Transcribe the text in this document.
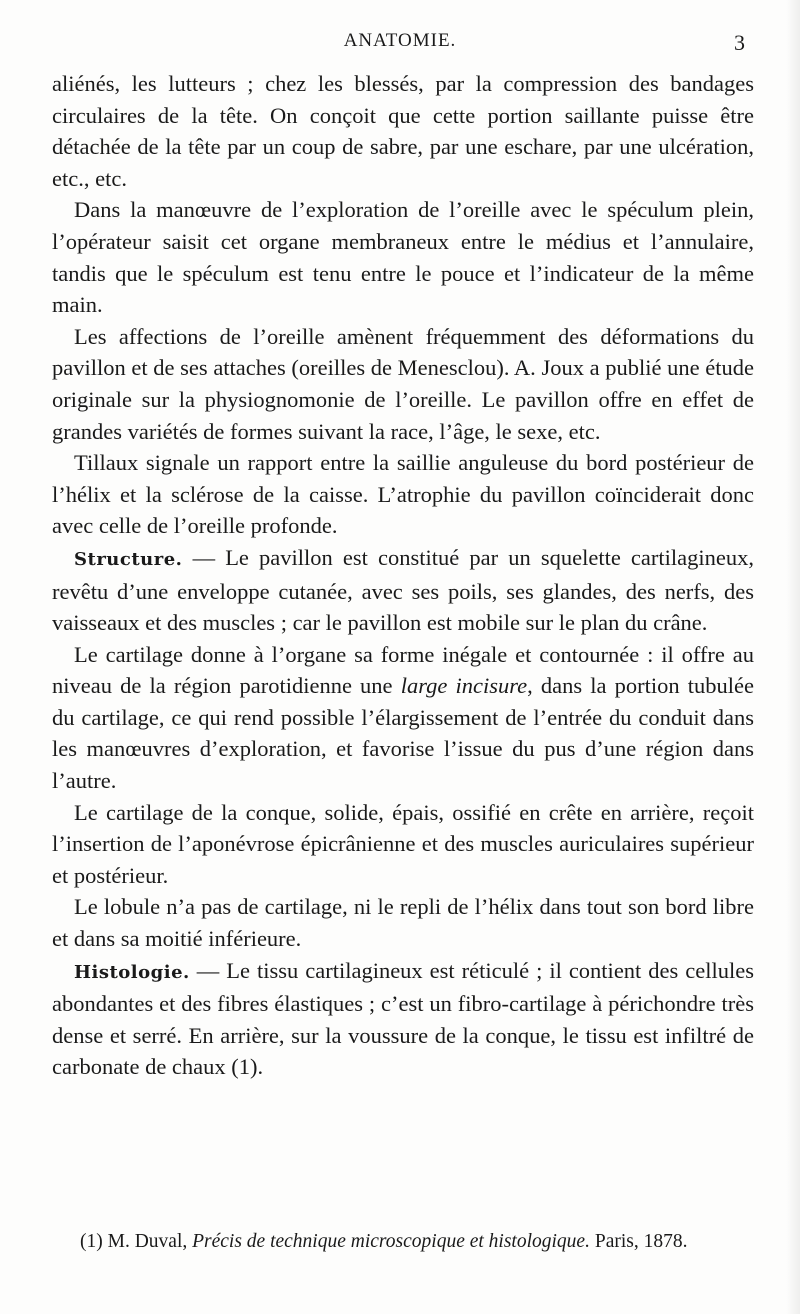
ANATOMIE.	3

aliénés, les lutteurs ; chez les blessés, par la compression des bandages circulaires de la tête. On conçoit que cette portion saillante puisse être détachée de la tête par un coup de sabre, par une eschare, par une ulcération, etc., etc.

Dans la manœuvre de l’exploration de l’oreille avec le spéculum plein, l’opérateur saisit cet organe membraneux entre le médius et l’annulaire, tandis que le spéculum est tenu entre le pouce et l’indicateur de la même main.

Les affections de l’oreille amènent fréquemment des déformations du pavillon et de ses attaches (oreilles de Menesclou). A. Joux a publié une étude originale sur la physiognomonie de l’oreille. Le pavillon offre en effet de grandes variétés de formes suivant la race, l’âge, le sexe, etc.

Tillaux signale un rapport entre la saillie anguleuse du bord postérieur de l’hélix et la sclérose de la caisse. L’atrophie du pavillon coïnciderait donc avec celle de l’oreille profonde.

Structure. — Le pavillon est constitué par un squelette cartilagineux, revêtu d’une enveloppe cutanée, avec ses poils, ses glandes, des nerfs, des vaisseaux et des muscles ; car le pavillon est mobile sur le plan du crâne.

Le cartilage donne à l’organe sa forme inégale et contournée : il offre au niveau de la région parotidienne une large incisure, dans la portion tubulée du cartilage, ce qui rend possible l’élargissement de l’entrée du conduit dans les manœuvres d’exploration, et favorise l’issue du pus d’une région dans l’autre.

Le cartilage de la conque, solide, épais, ossifié en crête en arrière, reçoit l’insertion de l’aponévrose épicrânienne et des muscles auriculaires supérieur et postérieur.

Le lobule n’a pas de cartilage, ni le repli de l’hélix dans tout son bord libre et dans sa moitié inférieure.

Histologie. — Le tissu cartilagineux est réticulé ; il contient des cellules abondantes et des fibres élastiques ; c’est un fibro-cartilage à périchondre très dense et serré. En arrière, sur la voussure de la conque, le tissu est infiltré de carbonate de chaux (1).

(1) M. Duval, Précis de technique microscopique et histologique. Paris, 1878.
